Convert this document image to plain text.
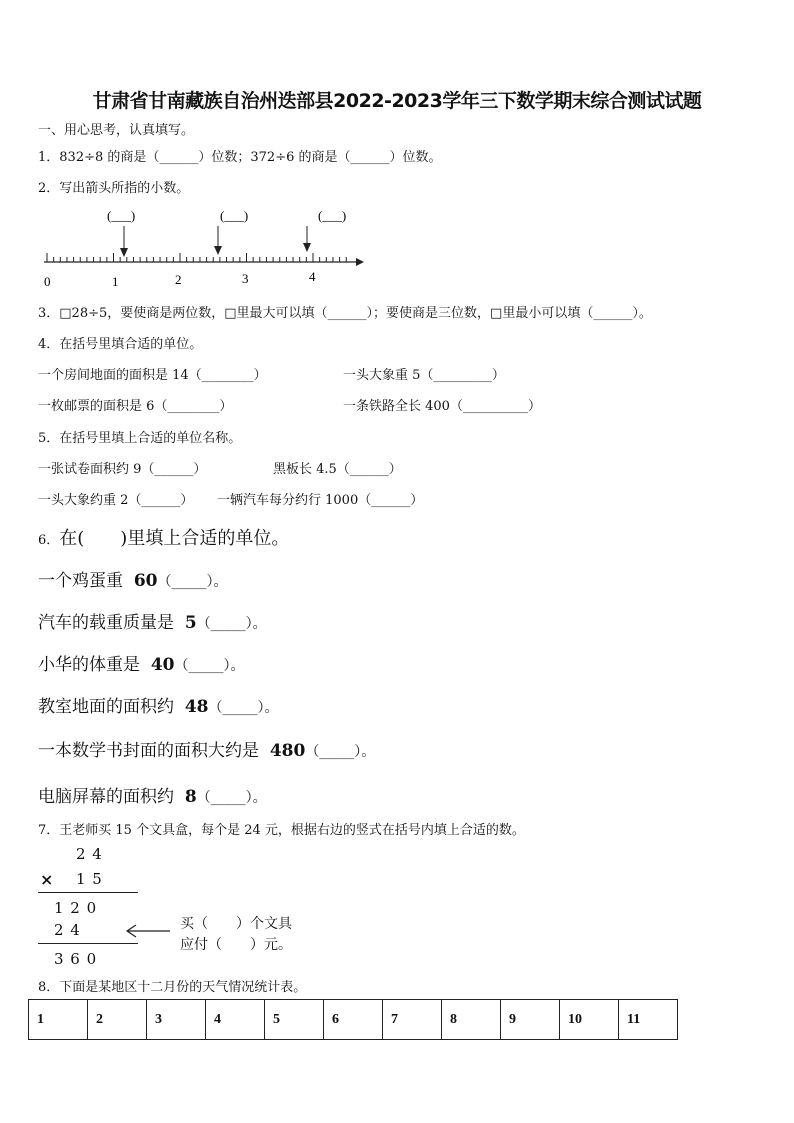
甘肃省甘南藏族自治州迭部县2022-2023学年三下数学期末综合测试试题
一、用心思考，认真填写。
1．832÷8 的商是（______）位数；372÷6 的商是（______）位数。
2．写出箭头所指的小数。
0	1	2	3	4
(___)	(___)	(___)
3．□28÷5，要使商是两位数，□里最大可以填（______）；要使商是三位数，□里最小可以填（______）。
4．在括号里填合适的单位。
一个房间地面的面积是 14（________）	一头大象重 5（_________）
一枚邮票的面积是 6（________）	一条铁路全长 400（__________）
5．在括号里填上合适的单位名称。
一张试卷面积约 9（______）	黑板长 4.5（______）
一头大象约重 2（______） 一辆汽车每分约行 1000（______）
6．在(　　)里填上合适的单位。
一个鸡蛋重 60（_____）。
汽车的载重质量是 5（_____）。
小华的体重是 40（_____）。
教室地面的面积约 48（_____）。
一本数学书封面的面积大约是 480（_____）。
电脑屏幕的面积约 8（_____）。
7．王老师买 15 个文具盒，每个是 24 元，根据右边的竖式在括号内填上合适的数。
2 4
× 1 5
1 2 0
2 4
3 6 0
买（　　）个文具
应付（　　）元。
8．下面是某地区十二月份的天气情况统计表。
1	2	3	4	5	6	7	8	9	10	11
